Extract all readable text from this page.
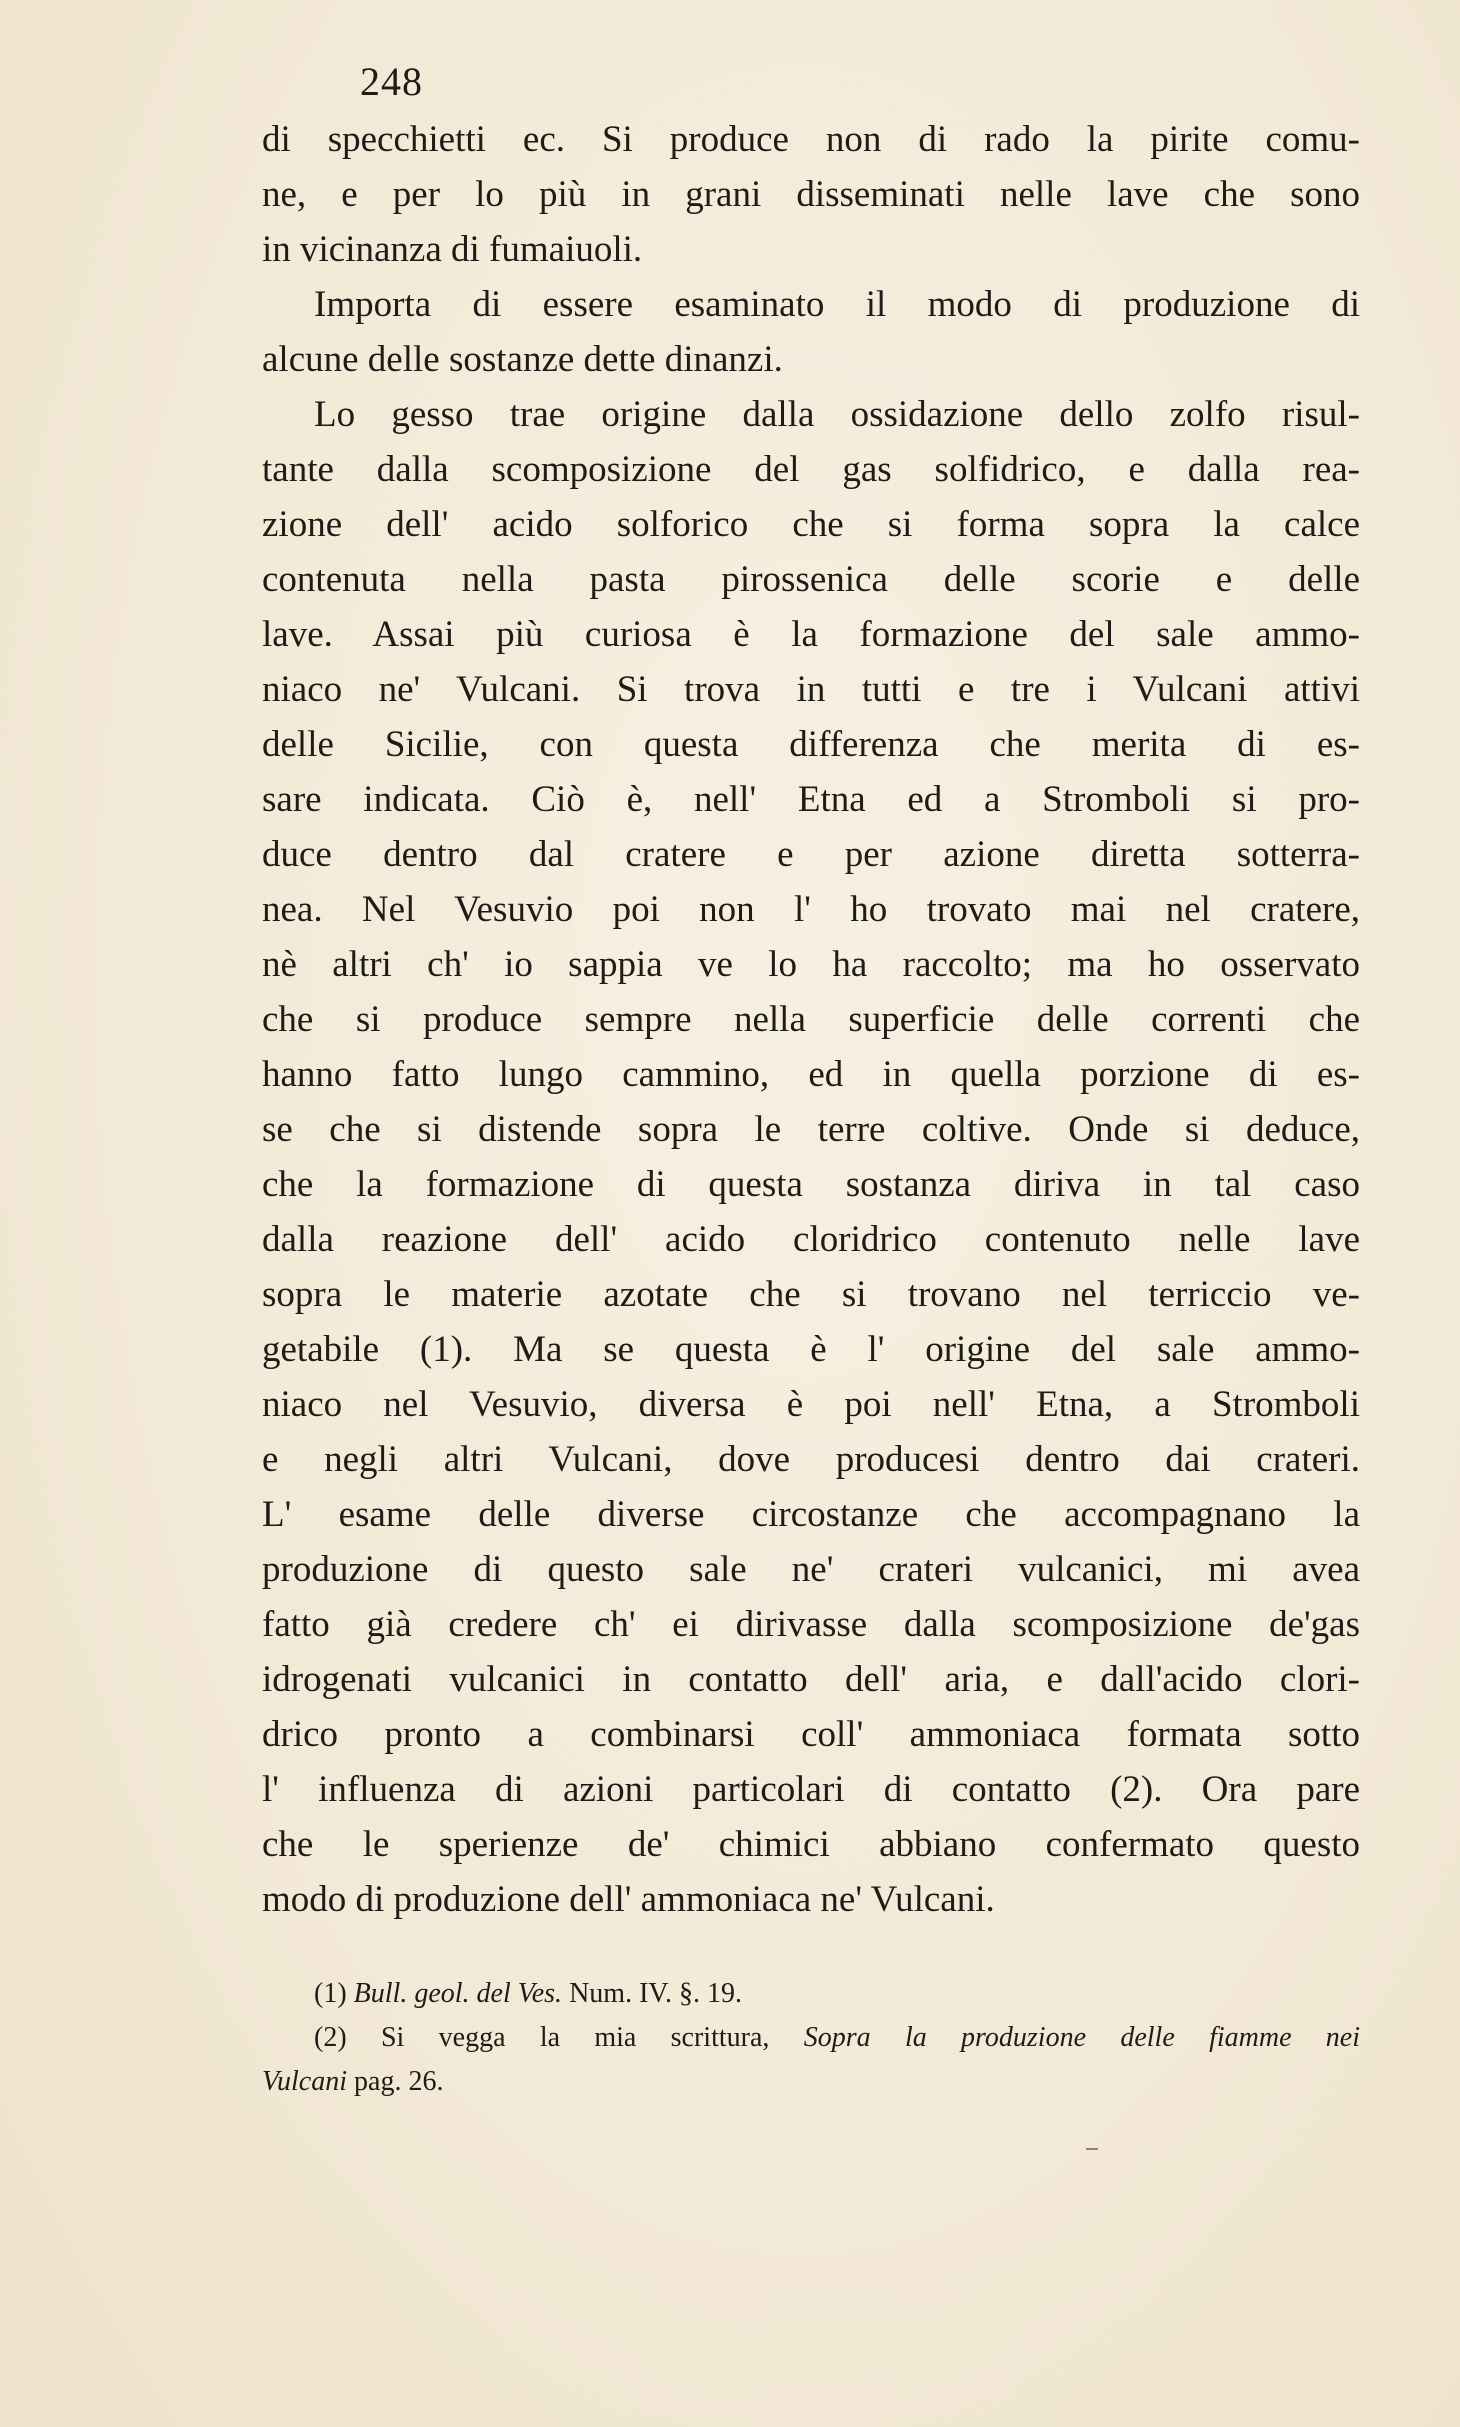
248
di specchietti ec. Si produce non di rado la pirite comu-
ne, e per lo più in grani disseminati nelle lave che sono
in vicinanza di fumaiuoli.
Importa di essere esaminato il modo di produzione di
alcune delle sostanze dette dinanzi.
Lo gesso trae origine dalla ossidazione dello zolfo risul-
tante dalla scomposizione del gas solfidrico, e dalla rea-
zione dell' acido solforico che si forma sopra la calce
contenuta nella pasta pirossenica delle scorie e delle
lave. Assai più curiosa è la formazione del sale ammo-
niaco ne' Vulcani. Si trova in tutti e tre i Vulcani attivi
delle Sicilie, con questa differenza che merita di es-
sare indicata. Ciò è, nell' Etna ed a Stromboli si pro-
duce dentro dal cratere e per azione diretta sotterra-
nea. Nel Vesuvio poi non l' ho trovato mai nel cratere,
nè altri ch' io sappia ve lo ha raccolto; ma ho osservato
che si produce sempre nella superficie delle correnti che
hanno fatto lungo cammino, ed in quella porzione di es-
se che si distende sopra le terre coltive. Onde si deduce,
che la formazione di questa sostanza diriva in tal caso
dalla reazione dell' acido cloridrico contenuto nelle lave
sopra le materie azotate che si trovano nel terriccio ve-
getabile (1). Ma se questa è l' origine del sale ammo-
niaco nel Vesuvio, diversa è poi nell' Etna, a Stromboli
e negli altri Vulcani, dove producesi dentro dai crateri.
L' esame delle diverse circostanze che accompagnano la
produzione di questo sale ne' crateri vulcanici, mi avea
fatto già credere ch' ei dirivasse dalla scomposizione de'gas
idrogenati vulcanici in contatto dell' aria, e dall'acido clori-
drico pronto a combinarsi coll' ammoniaca formata sotto
l' influenza di azioni particolari di contatto (2). Ora pare
che le sperienze de' chimici abbiano confermato questo
modo di produzione dell' ammoniaca ne' Vulcani.
(1) Bull. geol. del Ves. Num. IV. §. 19.
(2) Si vegga la mia scrittura, Sopra la produzione delle fiamme nei
Vulcani pag. 26.
